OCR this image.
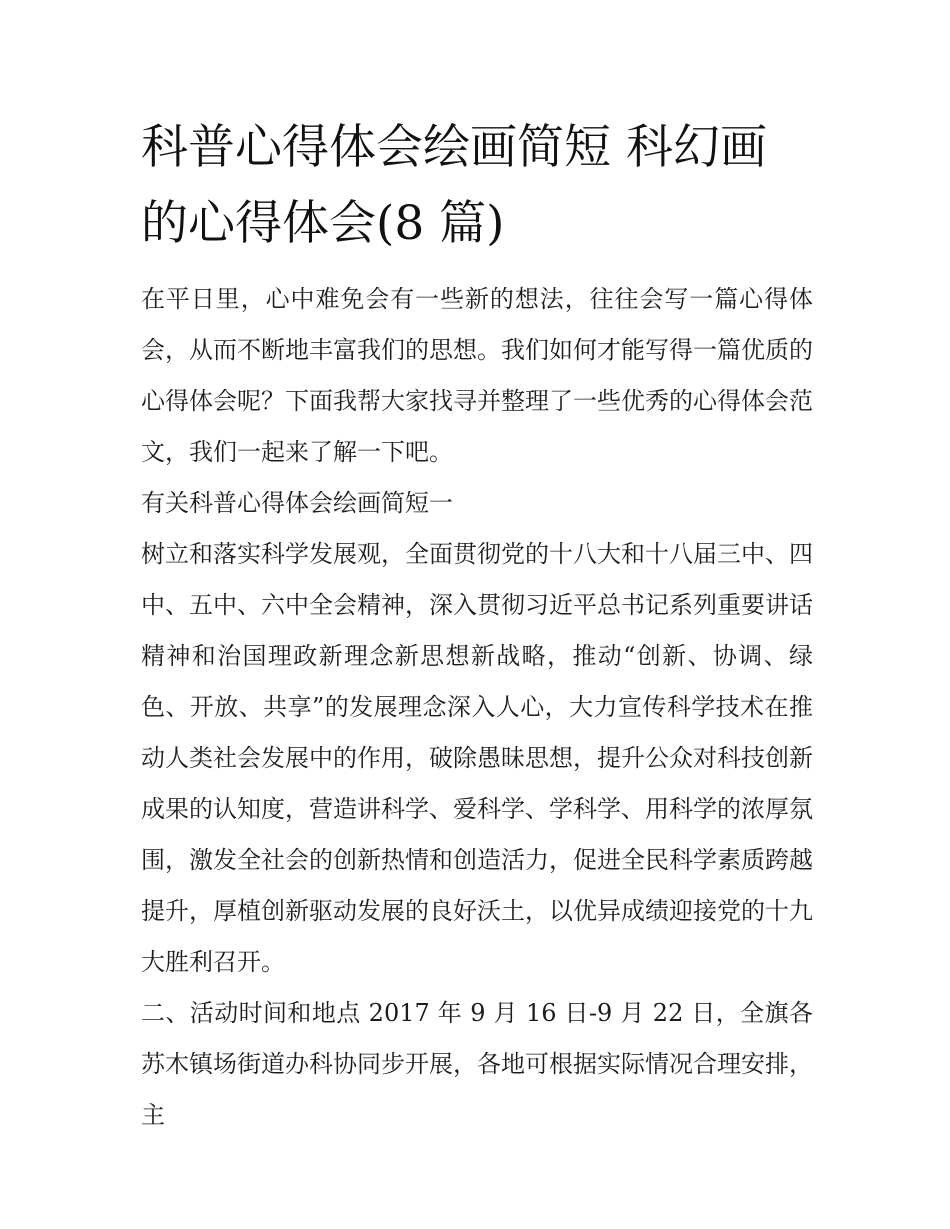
科普心得体会绘画简短 科幻画的心得体会(8 篇)

在平日里，心中难免会有一些新的想法，往往会写一篇心得体会，从而不断地丰富我们的思想。我们如何才能写得一篇优质的心得体会呢？下面我帮大家找寻并整理了一些优秀的心得体会范文，我们一起来了解一下吧。

有关科普心得体会绘画简短一

树立和落实科学发展观，全面贯彻党的十八大和十八届三中、四中、五中、六中全会精神，深入贯彻习近平总书记系列重要讲话精神和治国理政新理念新思想新战略，推动“创新、协调、绿色、开放、共享”的发展理念深入人心，大力宣传科学技术在推动人类社会发展中的作用，破除愚昧思想，提升公众对科技创新成果的认知度，营造讲科学、爱科学、学科学、用科学的浓厚氛围，激发全社会的创新热情和创造活力，促进全民科学素质跨越提升，厚植创新驱动发展的良好沃土，以优异成绩迎接党的十九大胜利召开。

二、活动时间和地点 2017 年 9 月 16 日-9 月 22 日，全旗各苏木镇场街道办科协同步开展，各地可根据实际情况合理安排，主
